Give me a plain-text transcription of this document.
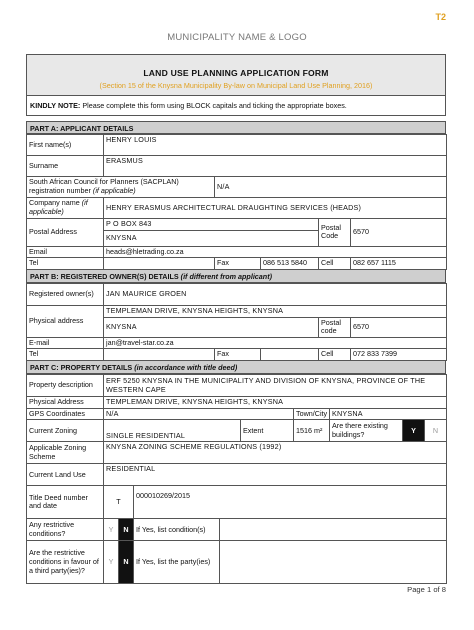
T2
MUNICIPALITY NAME & LOGO
LAND USE PLANNING APPLICATION FORM
(Section 15 of the Knysna Municipality By-law on Municipal Land Use Planning, 2016)
KINDLY NOTE: Please complete this form using BLOCK capitals and ticking the appropriate boxes.
PART A: APPLICANT DETAILS
First name(s)	HENRY LOUIS				
Surname	ERASMUS				
South African Council for Planners (SACPLAN) registration number (if applicable)		N/A			
Company name (if applicable)	HENRY ERASMUS ARCHITECTURAL DRAUGHTING SERVICES (HEADS)				
Postal Address	P O BOX 843			Postal Code	6570
	KNYSNA				
Email	heads@hletrading.co.za				
Tel		Fax	086 513 5840	Cell	082 657 1115
PART B: REGISTERED OWNER(S) DETAILS (if different from applicant)
Registered owner(s)	JAN MAURICE GROEN				
Physical address	TEMPLEMAN DRIVE, KNYSNA HEIGHTS, KNYSNA				
	KNYSNA			Postal code	6570
E-mail	jan@travel-star.co.za				
Tel		Fax		Cell	072 833 7399
PART C: PROPERTY DETAILS (in accordance with title deed)
Property description	ERF 5250 KNYSNA IN THE MUNICIPALITY AND DIVISION OF KNYSNA, PROVINCE OF THE WESTERN CAPE								
Physical Address	TEMPLEMAN DRIVE, KNYSNA HEIGHTS, KNYSNA								
GPS Coordinates	N/A					Town/City	KNYSNA		
Current Zoning	SINGLE RESIDENTIAL				Extent	1516 m²	Are there existing buildings?	Y	N
Applicable Zoning Scheme	KNYSNA ZONING SCHEME REGULATIONS (1992)								
Current Land Use	RESIDENTIAL								
Title Deed number and date	T		000010269/2015						
Any restrictive conditions?	Y	N	If Yes, list condition(s)						
Are the restrictive conditions in favour of a third party(ies)?	Y	N	If Yes, list the party(ies)						
Page 1 of 8
